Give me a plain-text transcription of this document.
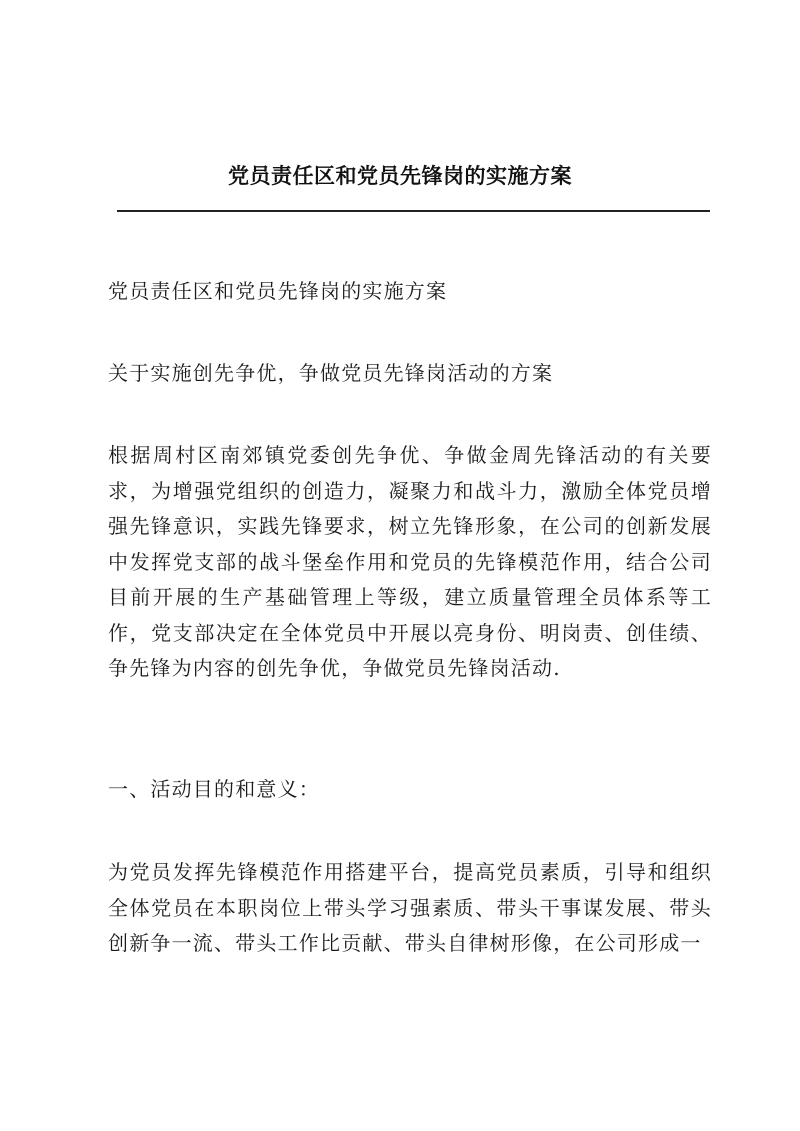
党员责任区和党员先锋岗的实施方案
党员责任区和党员先锋岗的实施方案
关于实施创先争优，争做党员先锋岗活动的方案
根据周村区南郊镇党委创先争优、争做金周先锋活动的有关要求，为增强党组织的创造力，凝聚力和战斗力，激励全体党员增强先锋意识，实践先锋要求，树立先锋形象，在公司的创新发展中发挥党支部的战斗堡垒作用和党员的先锋模范作用，结合公司目前开展的生产基础管理上等级，建立质量管理全员体系等工作，党支部决定在全体党员中开展以亮身份、明岗责、创佳绩、争先锋为内容的创先争优，争做党员先锋岗活动.
一、活动目的和意义：
为党员发挥先锋模范作用搭建平台，提高党员素质，引导和组织全体党员在本职岗位上带头学习强素质、带头干事谋发展、带头创新争一流、带头工作比贡献、带头自律树形像，在公司形成一
